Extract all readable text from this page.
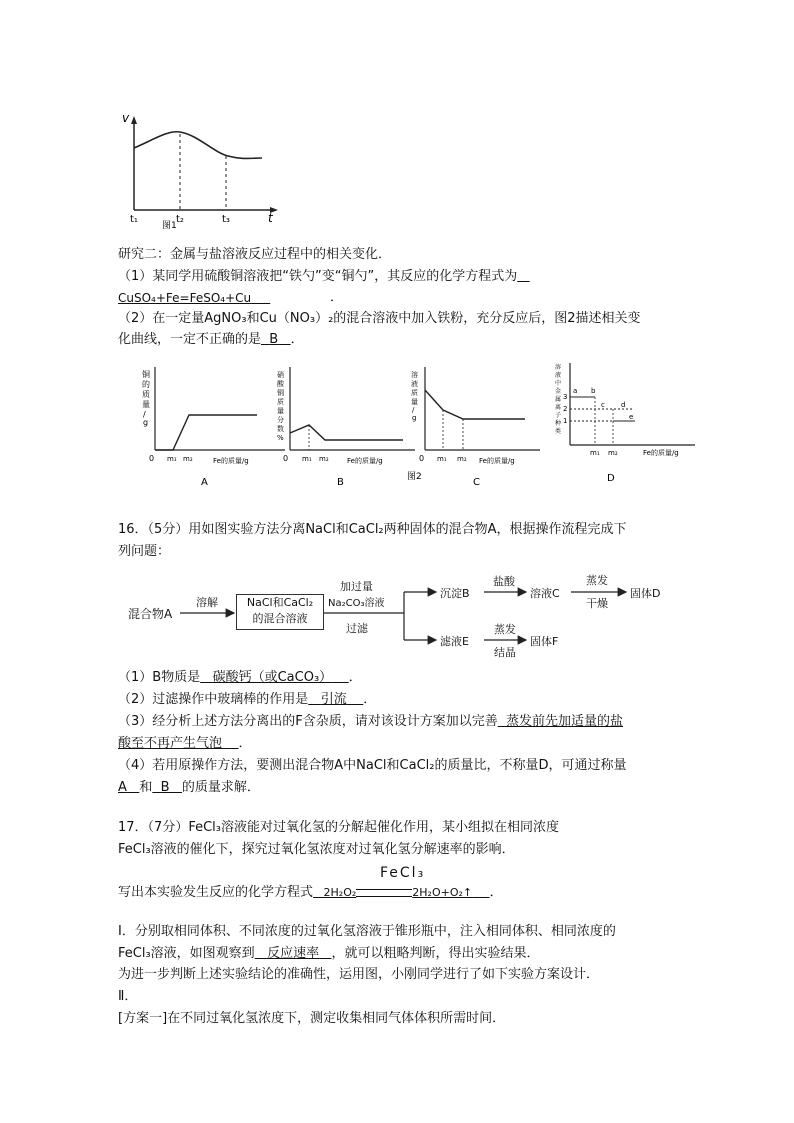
v
t
t₁	t₂	t₃
图1
研究二：金属与盐溶液反应过程中的相关变化．
（1）某同学用硫酸铜溶液把“铁勺”变“铜勺”，其反应的化学方程式为
CuSO₄+Fe=FeSO₄+Cu	．
（2）在一定量AgNO₃和Cu（NO₃）₂的混合溶液中加入铁粉，充分反应后，图2描述相关变
化曲线，一定不正确的是 B ．
铜
的
质
量
/
g
0 m₁ m₂	Fe的质量/g
A
硝
酸
铜
质
量
分
数
%
0 m₁ m₂	Fe的质量/g
B
溶
液
质
量
/
g
0 m₁ m₂ Fe的质量/g
图2	C
溶
液
中
金
属
离
子
种
类
3
2
1
a b
c d
e
m₁ m₂	Fe的质量/g
D
16．（5分）用如图实验方法分离NaCl和CaCl₂两种固体的混合物A，根据操作流程完成下
列问题：
混合物A
溶解	NaCl和CaCl₂
的混合溶液
加过量
Na₂CO₃溶液
过滤
沉淀B
盐酸
溶液C
蒸发
干燥
固体D
滤液E
蒸发
结晶
固体F
（1）B物质是 碳酸钙（或CaCO₃） ．
（2）过滤操作中玻璃棒的作用是 引流 ．
（3）经分析上述方法分离出的F含杂质，请对该设计方案加以完善 蒸发前先加适量的盐
酸至不再产生气泡 ．
（4）若用原操作方法，要测出混合物A中NaCl和CaCl₂的质量比，不称量D，可通过称量
A 和 B 的质量求解．
17．（7分）FeCl₃溶液能对过氧化氢的分解起催化作用，某小组拟在相同浓度
FeCl₃溶液的催化下，探究过氧化氢浓度对过氧化氢分解速率的影响．
FeCl₃
写出本实验发生反应的化学方程式 2H₂O₂	2H₂O+O₂↑ ．
Ⅰ．分别取相同体积、不同浓度的过氧化氢溶液于锥形瓶中，注入相同体积、相同浓度的
FeCl₃溶液，如图观察到 反应速率 ，就可以粗略判断，得出实验结果．
为进一步判断上述实验结论的准确性，运用图，小刚同学进行了如下实验方案设计．
Ⅱ．
[方案一]在不同过氧化氢浓度下，测定收集相同气体体积所需时间．
